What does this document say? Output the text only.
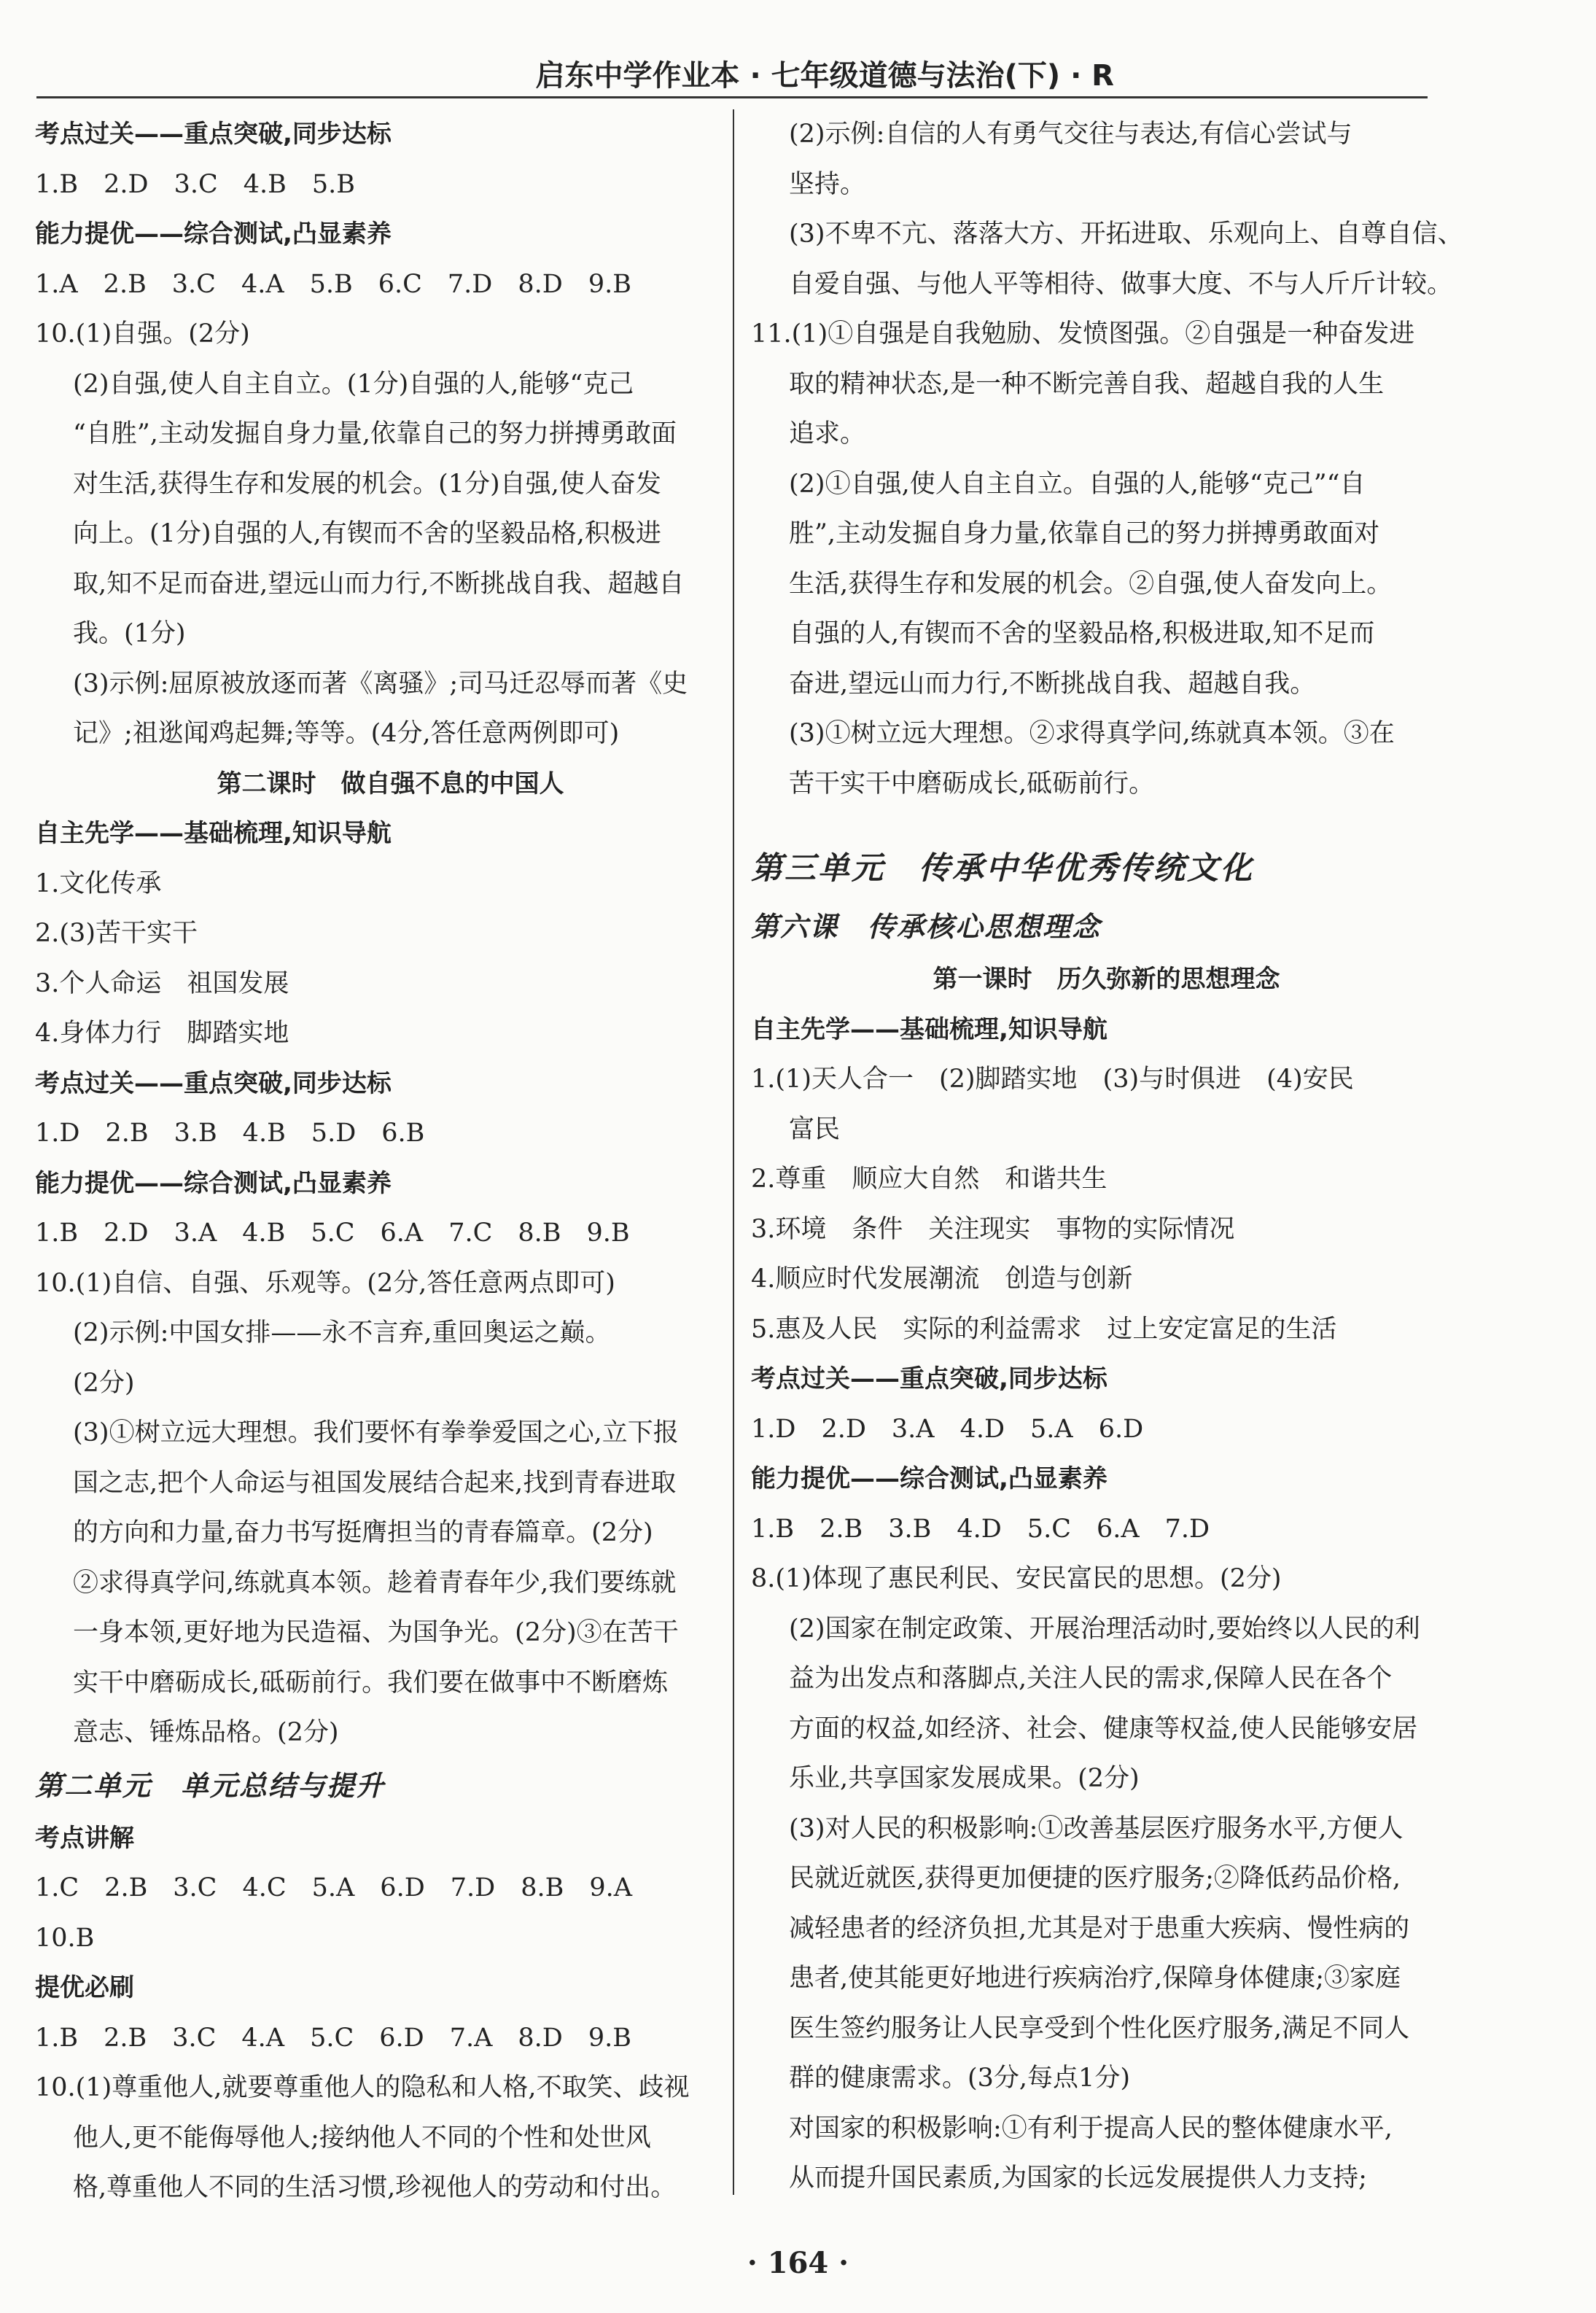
启东中学作业本 · 七年级道德与法治(下) · R
考点过关——重点突破,同步达标
1.B　2.D　3.C　4.B　5.B
能力提优——综合测试,凸显素养
1.A　2.B　3.C　4.A　5.B　6.C　7.D　8.D　9.B
10.(1)自强。(2分)
(2)自强,使人自主自立。(1分)自强的人,能够“克己
“自胜”,主动发掘自身力量,依靠自己的努力拼搏勇敢面
对生活,获得生存和发展的机会。(1分)自强,使人奋发
向上。(1分)自强的人,有锲而不舍的坚毅品格,积极进
取,知不足而奋进,望远山而力行,不断挑战自我、超越自
我。(1分)
(3)示例:屈原被放逐而著《离骚》;司马迁忍辱而著《史
记》;祖逖闻鸡起舞;等等。(4分,答任意两例即可)
第二课时　做自强不息的中国人
自主先学——基础梳理,知识导航
1.文化传承
2.(3)苦干实干
3.个人命运　祖国发展
4.身体力行　脚踏实地
考点过关——重点突破,同步达标
1.D　2.B　3.B　4.B　5.D　6.B
能力提优——综合测试,凸显素养
1.B　2.D　3.A　4.B　5.C　6.A　7.C　8.B　9.B
10.(1)自信、自强、乐观等。(2分,答任意两点即可)
(2)示例:中国女排——永不言弃,重回奥运之巅。
(2分)
(3)①树立远大理想。我们要怀有拳拳爱国之心,立下报
国之志,把个人命运与祖国发展结合起来,找到青春进取
的方向和力量,奋力书写挺膺担当的青春篇章。(2分)
②求得真学问,练就真本领。趁着青春年少,我们要练就
一身本领,更好地为民造福、为国争光。(2分)③在苦干
实干中磨砺成长,砥砺前行。我们要在做事中不断磨炼
意志、锤炼品格。(2分)
第二单元　单元总结与提升
考点讲解
1.C　2.B　3.C　4.C　5.A　6.D　7.D　8.B　9.A
10.B
提优必刷
1.B　2.B　3.C　4.A　5.C　6.D　7.A　8.D　9.B
10.(1)尊重他人,就要尊重他人的隐私和人格,不取笑、歧视
他人,更不能侮辱他人;接纳他人不同的个性和处世风
格,尊重他人不同的生活习惯,珍视他人的劳动和付出。
(2)示例:自信的人有勇气交往与表达,有信心尝试与
坚持。
(3)不卑不亢、落落大方、开拓进取、乐观向上、自尊自信、
自爱自强、与他人平等相待、做事大度、不与人斤斤计较。
11.(1)①自强是自我勉励、发愤图强。②自强是一种奋发进
取的精神状态,是一种不断完善自我、超越自我的人生
追求。
(2)①自强,使人自主自立。自强的人,能够“克己”“自
胜”,主动发掘自身力量,依靠自己的努力拼搏勇敢面对
生活,获得生存和发展的机会。②自强,使人奋发向上。
自强的人,有锲而不舍的坚毅品格,积极进取,知不足而
奋进,望远山而力行,不断挑战自我、超越自我。
(3)①树立远大理想。②求得真学问,练就真本领。③在
苦干实干中磨砺成长,砥砺前行。
第三单元　传承中华优秀传统文化
第六课　传承核心思想理念
第一课时　历久弥新的思想理念
自主先学——基础梳理,知识导航
1.(1)天人合一　(2)脚踏实地　(3)与时俱进　(4)安民
富民
2.尊重　顺应大自然　和谐共生
3.环境　条件　关注现实　事物的实际情况
4.顺应时代发展潮流　创造与创新
5.惠及人民　实际的利益需求　过上安定富足的生活
考点过关——重点突破,同步达标
1.D　2.D　3.A　4.D　5.A　6.D
能力提优——综合测试,凸显素养
1.B　2.B　3.B　4.D　5.C　6.A　7.D
8.(1)体现了惠民利民、安民富民的思想。(2分)
(2)国家在制定政策、开展治理活动时,要始终以人民的利
益为出发点和落脚点,关注人民的需求,保障人民在各个
方面的权益,如经济、社会、健康等权益,使人民能够安居
乐业,共享国家发展成果。(2分)
(3)对人民的积极影响:①改善基层医疗服务水平,方便人
民就近就医,获得更加便捷的医疗服务;②降低药品价格,
减轻患者的经济负担,尤其是对于患重大疾病、慢性病的
患者,使其能更好地进行疾病治疗,保障身体健康;③家庭
医生签约服务让人民享受到个性化医疗服务,满足不同人
群的健康需求。(3分,每点1分)
对国家的积极影响:①有利于提高人民的整体健康水平,
从而提升国民素质,为国家的长远发展提供人力支持;
· 164 ·
